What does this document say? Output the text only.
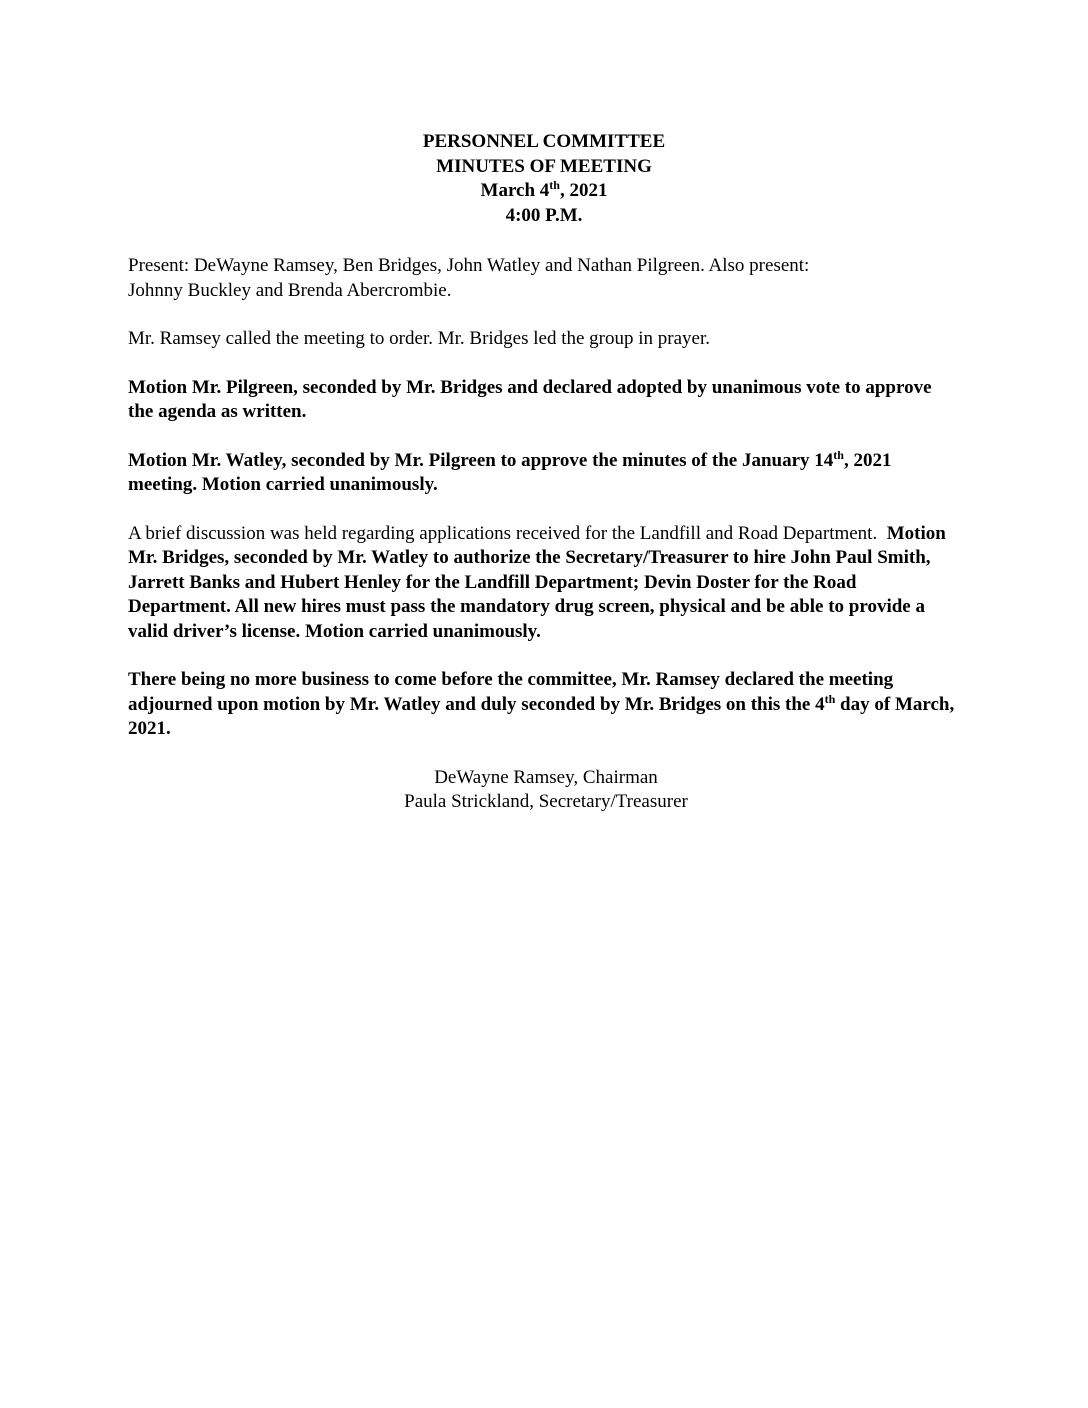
PERSONNEL COMMITTEE
MINUTES OF MEETING
March 4th, 2021
4:00 P.M.

Present: DeWayne Ramsey, Ben Bridges, John Watley and Nathan Pilgreen. Also present:
Johnny Buckley and Brenda Abercrombie.

Mr. Ramsey called the meeting to order. Mr. Bridges led the group in prayer.

Motion Mr. Pilgreen, seconded by Mr. Bridges and declared adopted by unanimous vote to approve the agenda as written.

Motion Mr. Watley, seconded by Mr. Pilgreen to approve the minutes of the January 14th, 2021 meeting. Motion carried unanimously.

A brief discussion was held regarding applications received for the Landfill and Road Department. Motion Mr. Bridges, seconded by Mr. Watley to authorize the Secretary/Treasurer to hire John Paul Smith, Jarrett Banks and Hubert Henley for the Landfill Department; Devin Doster for the Road Department. All new hires must pass the mandatory drug screen, physical and be able to provide a valid driver’s license. Motion carried unanimously.

There being no more business to come before the committee, Mr. Ramsey declared the meeting adjourned upon motion by Mr. Watley and duly seconded by Mr. Bridges on this the 4th day of March, 2021.

DeWayne Ramsey, Chairman
Paula Strickland, Secretary/Treasurer
